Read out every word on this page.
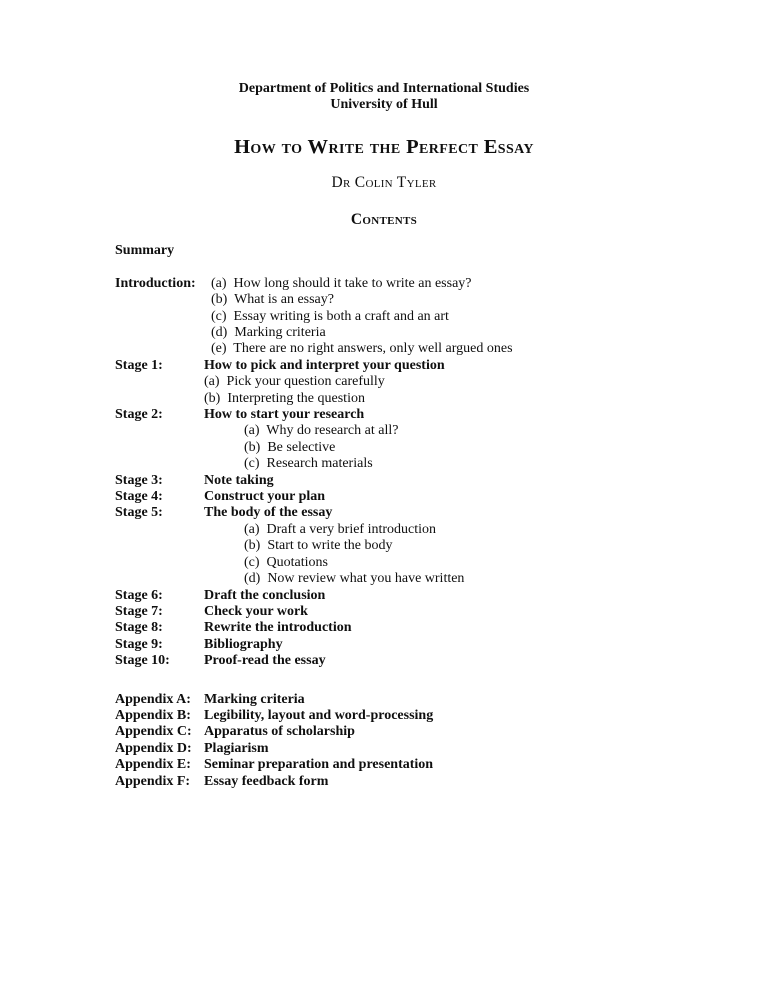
Department of Politics and International Studies
University of Hull
How to Write the Perfect Essay
Dr Colin Tyler
Contents
Summary
Introduction:	(a)  How long should it take to write an essay?
(b)  What is an essay?
(c)  Essay writing is both a craft and an art
(d)  Marking criteria
(e)  There are no right answers, only well argued ones
Stage 1:	How to pick and interpret your question
(a)  Pick your question carefully
(b)  Interpreting the question
Stage 2:	How to start your research
(a)  Why do research at all?
(b)  Be selective
(c)  Research materials
Stage 3:	Note taking
Stage 4:	Construct your plan
Stage 5:	The body of the essay
(a)  Draft a very brief introduction
(b)  Start to write the body
(c)  Quotations
(d)  Now review what you have written
Stage 6:	Draft the conclusion
Stage 7:	Check your work
Stage 8:	Rewrite the introduction
Stage 9:	Bibliography
Stage 10:	Proof-read the essay
Appendix A: Marking criteria
Appendix B: Legibility, layout and word-processing
Appendix C: Apparatus of scholarship
Appendix D: Plagiarism
Appendix E: Seminar preparation and presentation
Appendix F: Essay feedback form
